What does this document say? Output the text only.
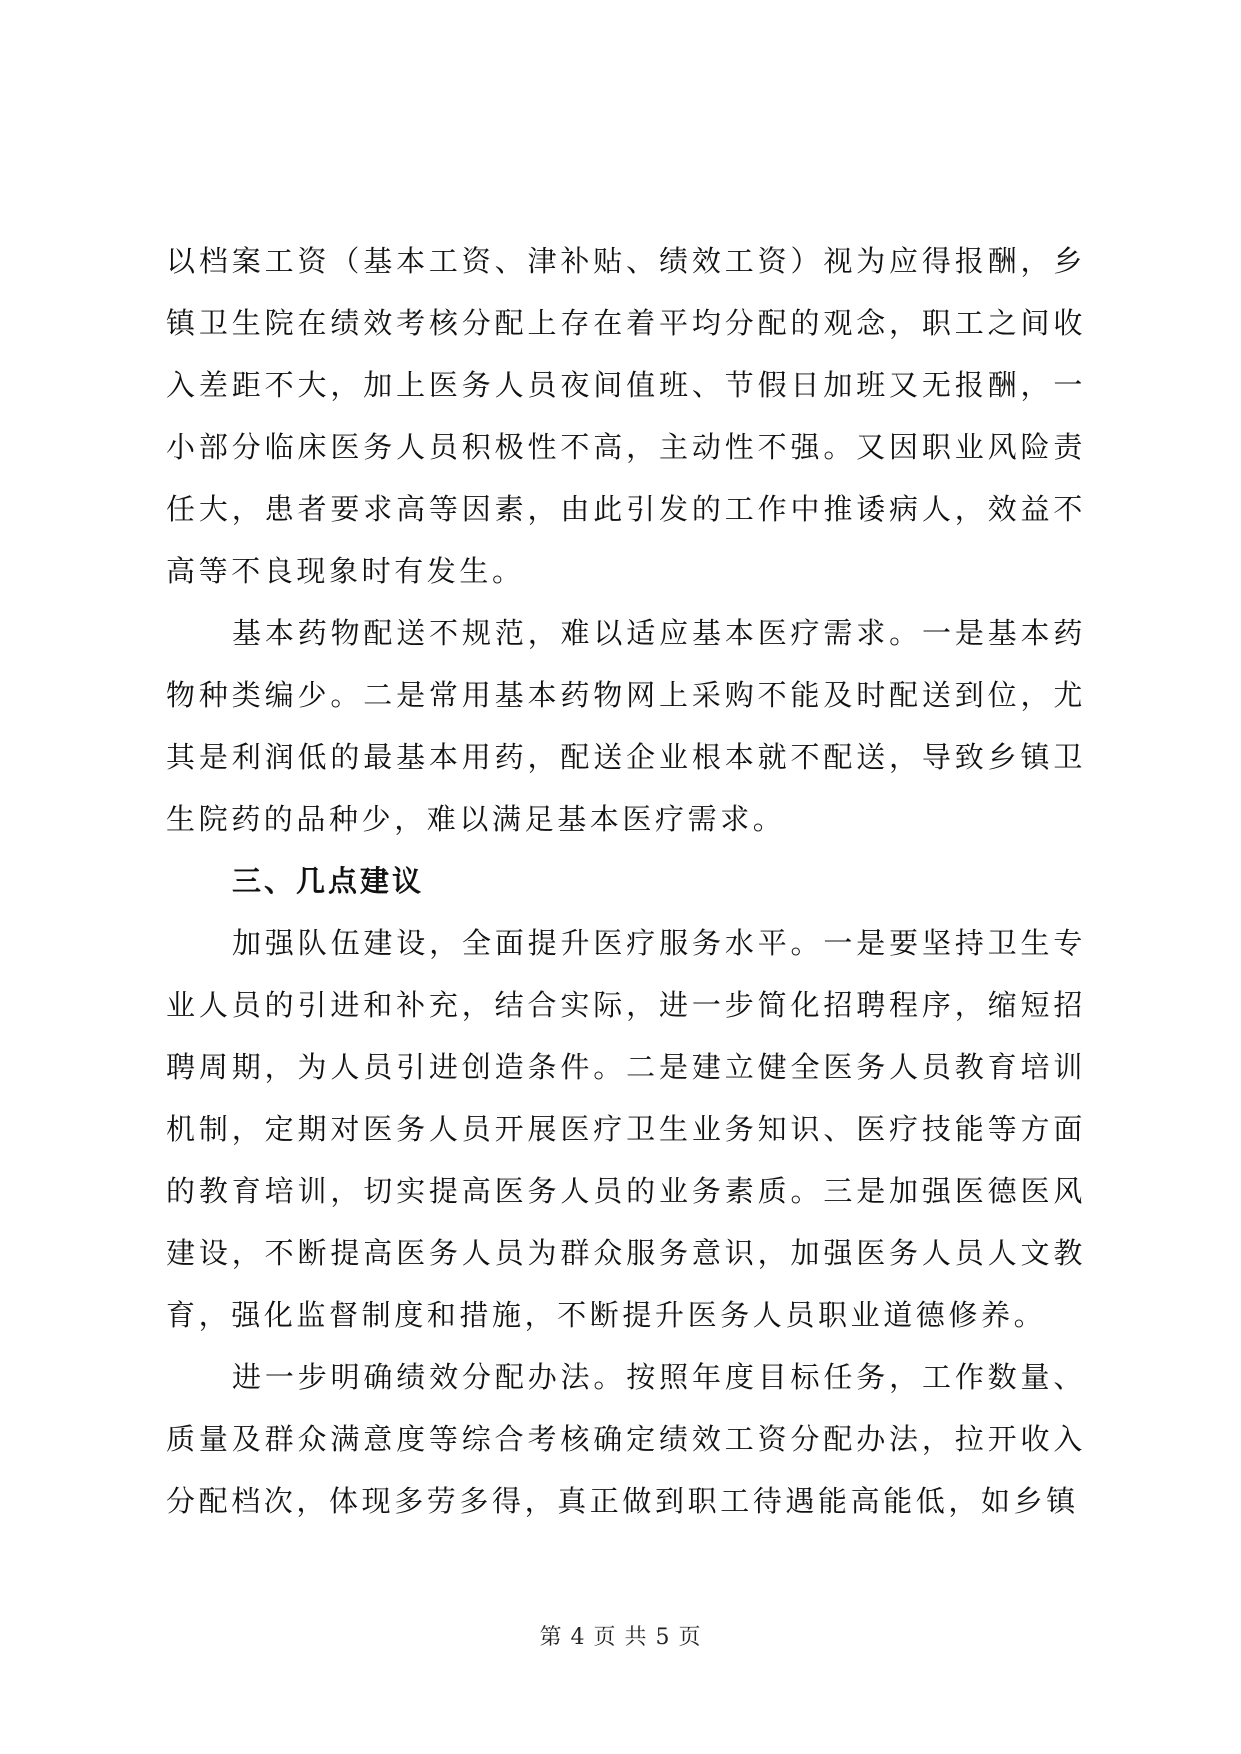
以档案工资（基本工资、津补贴、绩效工资）视为应得报酬，乡镇卫生院在绩效考核分配上存在着平均分配的观念，职工之间收入差距不大，加上医务人员夜间值班、节假日加班又无报酬，一小部分临床医务人员积极性不高，主动性不强。又因职业风险责任大，患者要求高等因素，由此引发的工作中推诿病人，效益不高等不良现象时有发生。

基本药物配送不规范，难以适应基本医疗需求。一是基本药物种类编少。二是常用基本药物网上采购不能及时配送到位，尤其是利润低的最基本用药，配送企业根本就不配送，导致乡镇卫生院药的品种少，难以满足基本医疗需求。

三、几点建议

加强队伍建设，全面提升医疗服务水平。一是要坚持卫生专业人员的引进和补充，结合实际，进一步简化招聘程序，缩短招聘周期，为人员引进创造条件。二是建立健全医务人员教育培训机制，定期对医务人员开展医疗卫生业务知识、医疗技能等方面的教育培训，切实提高医务人员的业务素质。三是加强医德医风建设，不断提高医务人员为群众服务意识，加强医务人员人文教育，强化监督制度和措施，不断提升医务人员职业道德修养。

进一步明确绩效分配办法。按照年度目标任务，工作数量、质量及群众满意度等综合考核确定绩效工资分配办法，拉开收入分配档次，体现多劳多得，真正做到职工待遇能高能低，如乡镇

第 4 页 共 5 页
